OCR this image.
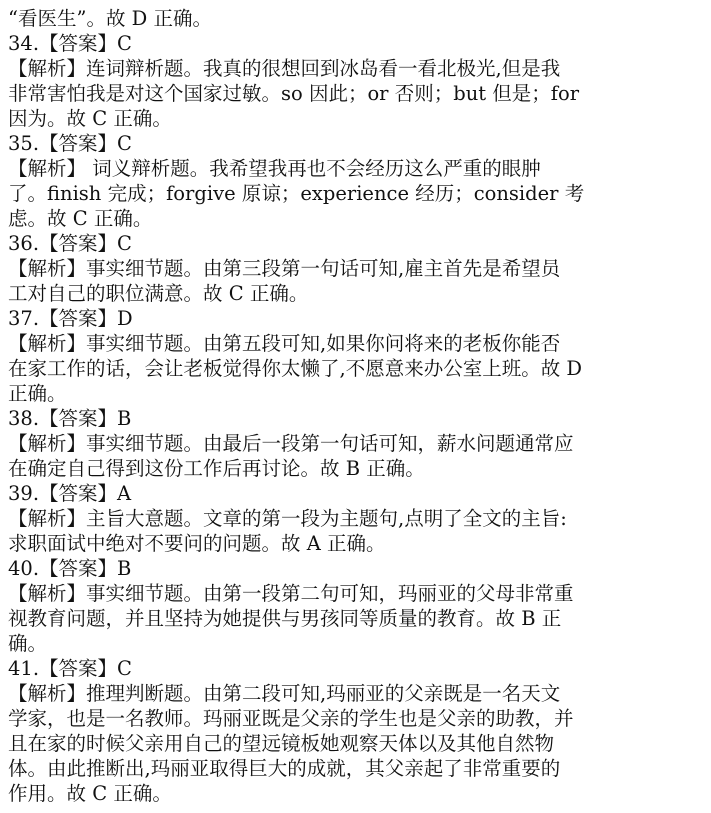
“看医生”。故 D 正确。
34.【答案】C
【解析】连词辩析题。我真的很想回到冰岛看一看北极光,但是我
非常害怕我是对这个国家过敏。so 因此；or 否则；but 但是；for
因为。故 C 正确。
35.【答案】C
【解析】 词义辩析题。我希望我再也不会经历这么严重的眼肿
了。finish 完成；forgive 原谅；experience 经历；consider 考
虑。故 C 正确。
36.【答案】C
【解析】事实细节题。由第三段第一句话可知,雇主首先是希望员
工对自己的职位满意。故 C 正确。
37.【答案】D
【解析】事实细节题。由第五段可知,如果你问将来的老板你能否
在家工作的话，会让老板觉得你太懒了,不愿意来办公室上班。故 D
正确。
38.【答案】B
【解析】事实细节题。由最后一段第一句话可知，薪水问题通常应
在确定自己得到这份工作后再讨论。故 B 正确。
39.【答案】A
【解析】主旨大意题。文章的第一段为主题句,点明了全文的主旨:
求职面试中绝对不要问的问题。故 A 正确。
40.【答案】B
【解析】事实细节题。由第一段第二句可知，玛丽亚的父母非常重
视教育问题，并且坚持为她提供与男孩同等质量的教育。故 B 正
确。
41.【答案】C
【解析】推理判断题。由第二段可知,玛丽亚的父亲既是一名天文
学家，也是一名教师。玛丽亚既是父亲的学生也是父亲的助教，并
且在家的时候父亲用自己的望远镜板她观察天体以及其他自然物
体。由此推断出,玛丽亚取得巨大的成就，其父亲起了非常重要的
作用。故 C 正确。
